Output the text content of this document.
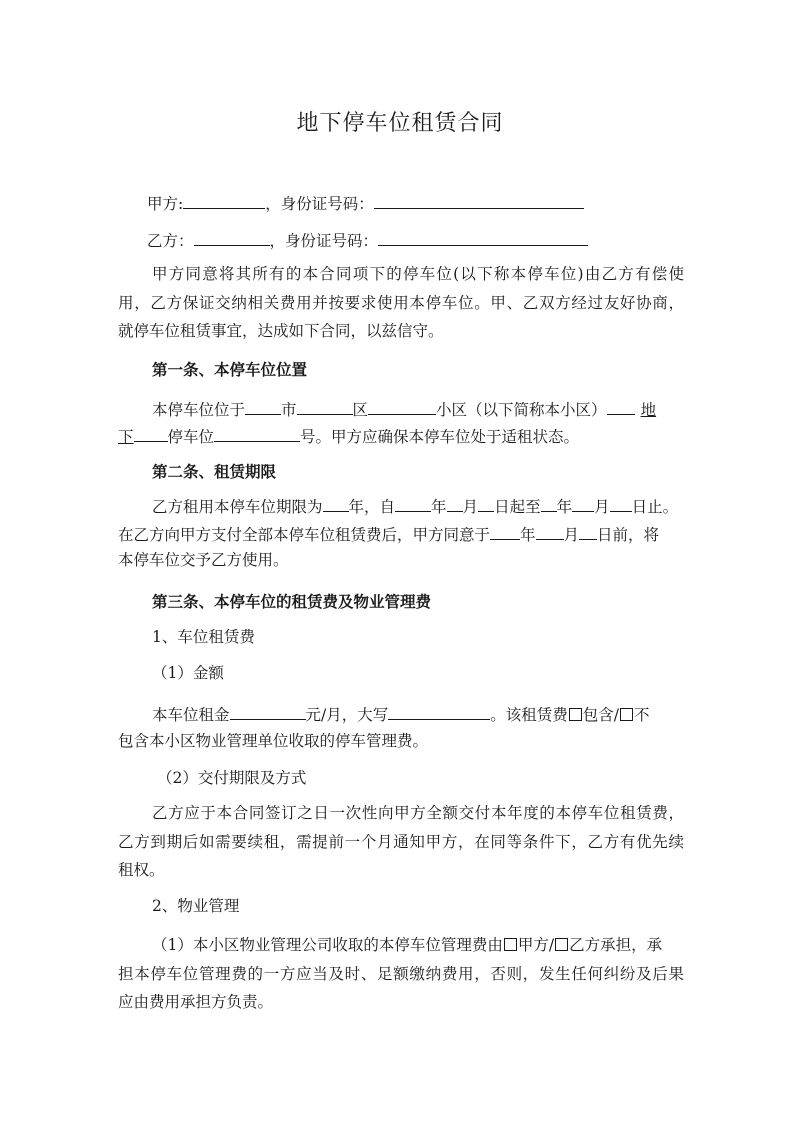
地下停车位租赁合同
甲方:	，身份证号码：
乙方：	，身份证号码：
甲方同意将其所有的本合同项下的停车位(以下称本停车位)由乙方有偿使
用，乙方保证交纳相关费用并按要求使用本停车位。甲、乙双方经过友好协商，
就停车位租赁事宜，达成如下合同，以兹信守。
第一条、本停车位位置
本停车位位于 市	区	小区（以下简称本小区） 地
下 停车位	号。甲方应确保本停车位处于适租状态。
第二条、租赁期限
乙方租用本停车位期限为 年，自 年 月 日起至 年 月 日止。
在乙方向甲方支付全部本停车位租赁费后，甲方同意于 年 月 日前，将
本停车位交予乙方使用。
第三条、本停车位的租赁费及物业管理费
1、车位租赁费
（1）金额
本车位租金	元/月，大写	。该租赁费 包含/ 不
包含本小区物业管理单位收取的停车管理费。
（2）交付期限及方式
乙方应于本合同签订之日一次性向甲方全额交付本年度的本停车位租赁费，
乙方到期后如需要续租，需提前一个月通知甲方，在同等条件下，乙方有优先续
租权。
2、物业管理
（1）本小区物业管理公司收取的本停车位管理费由 甲方/ 乙方承担，承
担本停车位管理费的一方应当及时、足额缴纳费用，否则，发生任何纠纷及后果
应由费用承担方负责。
